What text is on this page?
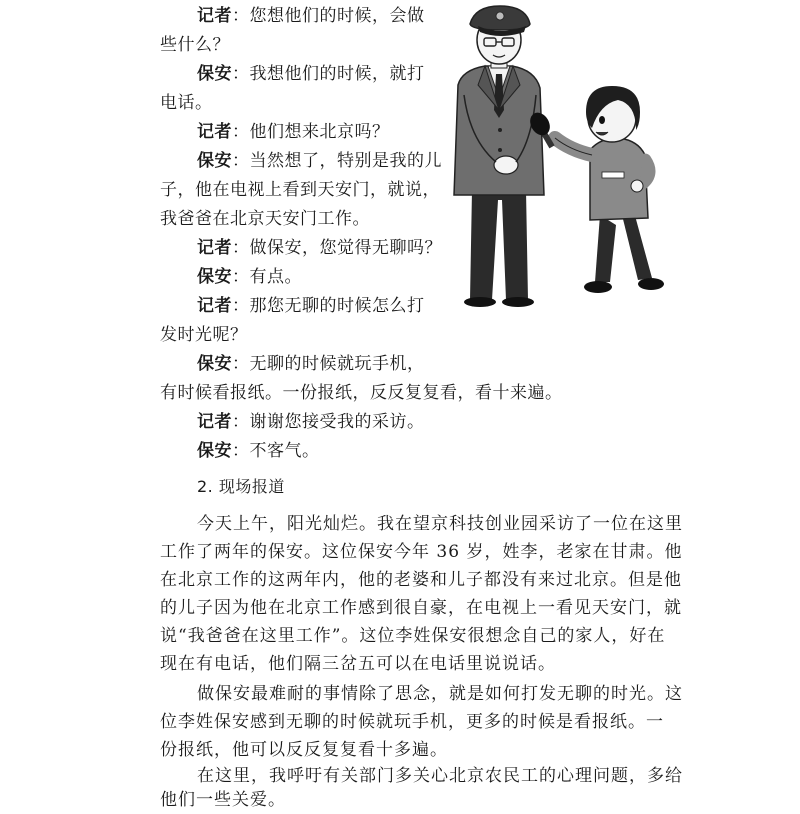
记者：您想他们的时候，会做
些什么？
保安：我想他们的时候，就打
电话。
记者：他们想来北京吗？
保安：当然想了，特别是我的儿
子，他在电视上看到天安门，就说，
我爸爸在北京天安门工作。
记者：做保安，您觉得无聊吗？
保安：有点。
记者：那您无聊的时候怎么打
发时光呢？
保安：无聊的时候就玩手机，
有时候看报纸。一份报纸，反反复复看，看十来遍。
记者：谢谢您接受我的采访。
保安：不客气。
2. 现场报道
今天上午，阳光灿烂。我在望京科技创业园采访了一位在这里
工作了两年的保安。这位保安今年 36 岁，姓李，老家在甘肃。他
在北京工作的这两年内，他的老婆和儿子都没有来过北京。但是他
的儿子因为他在北京工作感到很自豪，在电视上一看见天安门，就
说“我爸爸在这里工作”。这位李姓保安很想念自己的家人，好在
现在有电话，他们隔三岔五可以在电话里说说话。
做保安最难耐的事情除了思念，就是如何打发无聊的时光。这
位李姓保安感到无聊的时候就玩手机，更多的时候是看报纸。一
份报纸，他可以反反复复看十多遍。
在这里，我呼吁有关部门多关心北京农民工的心理问题，多给
他们一些关爱。
